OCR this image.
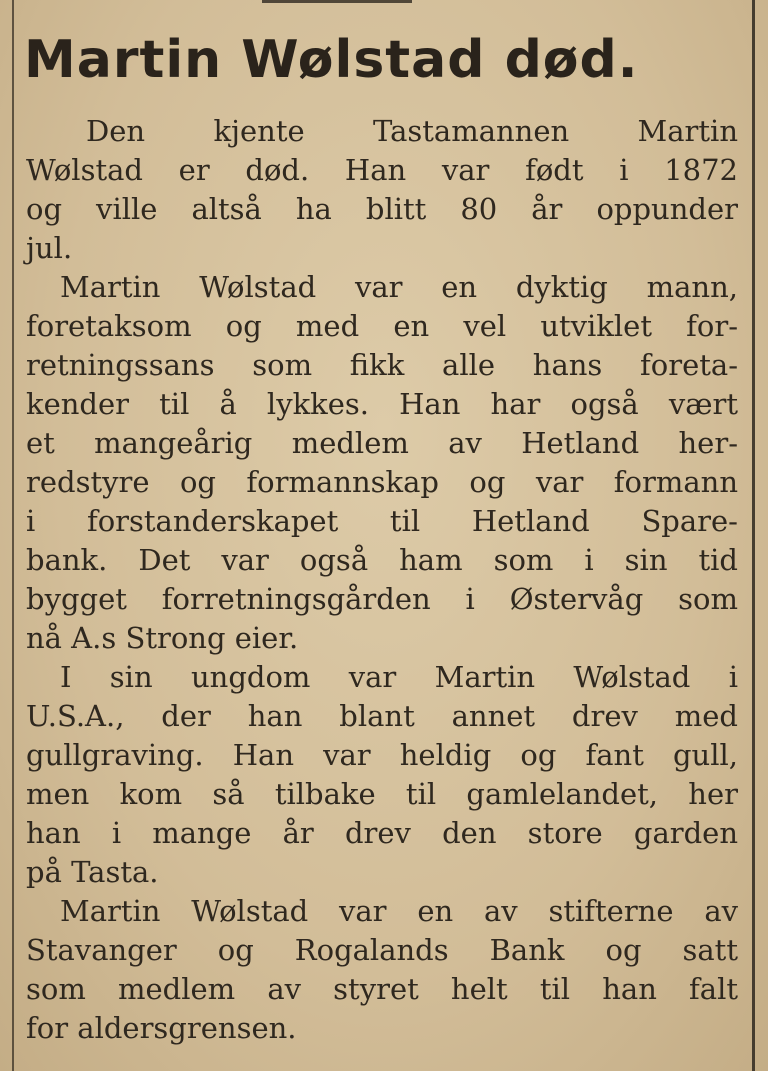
Martin Wølstad død.
Den kjente Tastamannen Martin
Wølstad er død. Han var født i 1872
og ville altså ha blitt 80 år oppunder
jul.
Martin Wølstad var en dyktig mann,
foretaksom og med en vel utviklet for-
retningssans som fikk alle hans foreta-
kender til å lykkes. Han har også vært
et mangeårig medlem av Hetland her-
redstyre og formannskap og var formann
i forstanderskapet til Hetland Spare-
bank. Det var også ham som i sin tid
bygget forretningsgården i Østervåg som
nå A.s Strong eier.
I sin ungdom var Martin Wølstad i
U.S.A., der han blant annet drev med
gullgraving. Han var heldig og fant gull,
men kom så tilbake til gamlelandet, her
han i mange år drev den store garden
på Tasta.
Martin Wølstad var en av stifterne av
Stavanger og Rogalands Bank og satt
som medlem av styret helt til han falt
for aldersgrensen.
